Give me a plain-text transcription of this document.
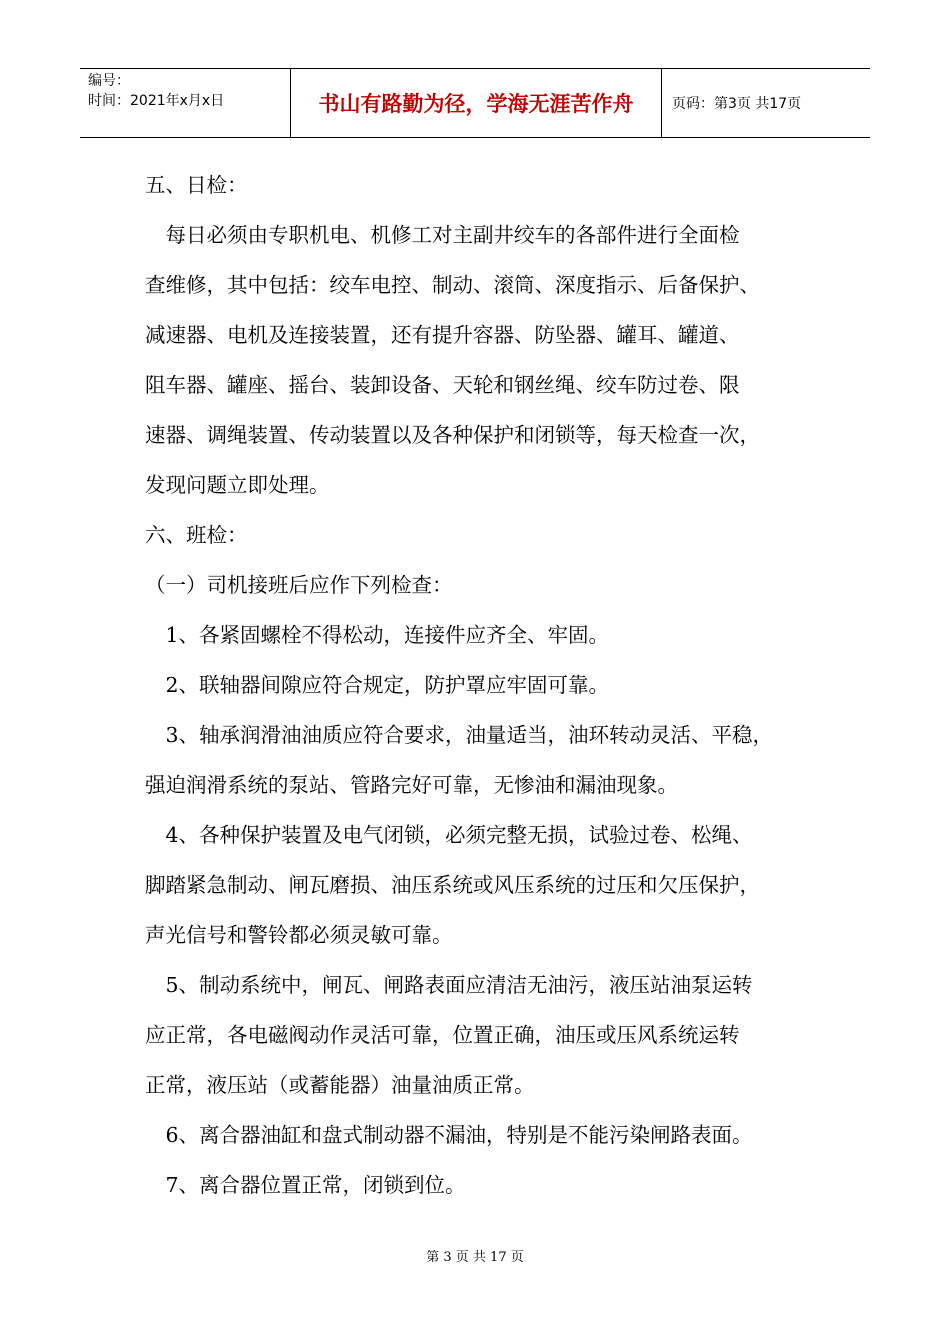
编号：
时间：2021年x月x日	书山有路勤为径，学海无涯苦作舟	页码：第3页 共17页
五、日检：
　每日必须由专职机电、机修工对主副井绞车的各部件进行全面检
查维修，其中包括：绞车电控、制动、滚筒、深度指示、后备保护、
减速器、电机及连接装置，还有提升容器、防坠器、罐耳、罐道、
阻车器、罐座、摇台、装卸设备、天轮和钢丝绳、绞车防过卷、限
速器、调绳装置、传动装置以及各种保护和闭锁等，每天检查一次，
发现问题立即处理。
六、班检：
（一）司机接班后应作下列检查：
　1、各紧固螺栓不得松动，连接件应齐全、牢固。
　2、联轴器间隙应符合规定，防护罩应牢固可靠。
　3、轴承润滑油油质应符合要求，油量适当，油环转动灵活、平稳，
强迫润滑系统的泵站、管路完好可靠，无惨油和漏油现象。
　4、各种保护装置及电气闭锁，必须完整无损，试验过卷、松绳、
脚踏紧急制动、闸瓦磨损、油压系统或风压系统的过压和欠压保护，
声光信号和警铃都必须灵敏可靠。
　5、制动系统中，闸瓦、闸路表面应清洁无油污，液压站油泵运转
应正常，各电磁阀动作灵活可靠，位置正确，油压或压风系统运转
正常，液压站（或蓄能器）油量油质正常。
　6、离合器油缸和盘式制动器不漏油，特别是不能污染闸路表面。
　7、离合器位置正常，闭锁到位。
第 3 页 共 17 页
